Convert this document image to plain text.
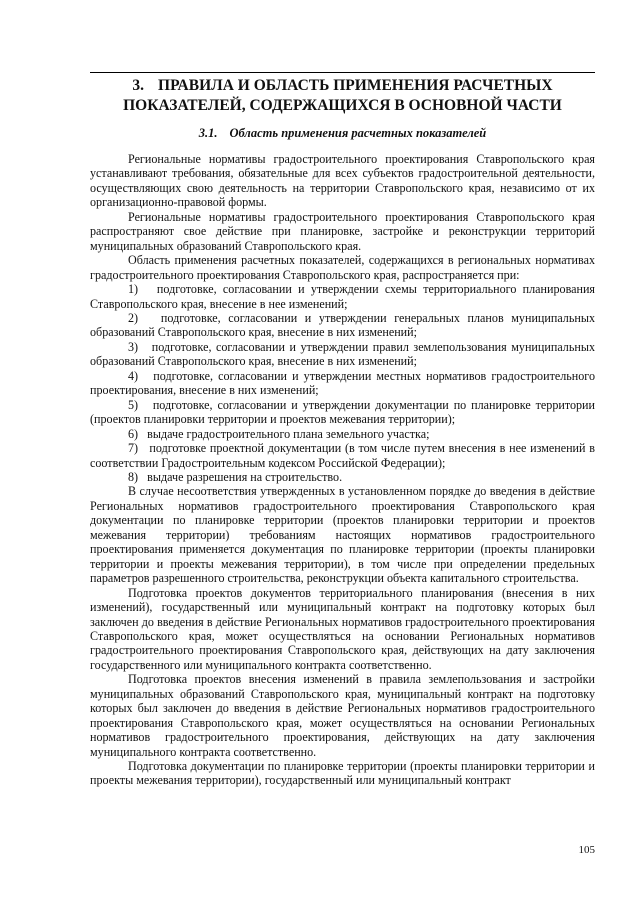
3. ПРАВИЛА И ОБЛАСТЬ ПРИМЕНЕНИЯ РАСЧЕТНЫХ
ПОКАЗАТЕЛЕЙ, СОДЕРЖАЩИХСЯ В ОСНОВНОЙ ЧАСТИ
3.1. Область применения расчетных показателей

Региональные нормативы градостроительного проектирования Ставропольского края устанавливают требования, обязательные для всех субъектов градостроительной деятельности, осуществляющих свою деятельность на территории Ставропольского края, независимо от их организационно-правовой формы.

Региональные нормативы градостроительного проектирования Ставропольского края распространяют свое действие при планировке, застройке и реконструкции территорий муниципальных образований Ставропольского края.

Область применения расчетных показателей, содержащихся в региональных нормативах градостроительного проектирования Ставропольского края, распространяется при:

1)   подготовке, согласовании и утверждении схемы территориального планирования Ставропольского края, внесение в нее изменений;

2)   подготовке, согласовании и утверждении генеральных планов муниципальных образований Ставропольского края, внесение в них изменений;

3)   подготовке, согласовании и утверждении правил землепользования муниципальных образований Ставропольского края, внесение в них изменений;

4)   подготовке, согласовании и утверждении местных нормативов градостроительного проектирования, внесение в них изменений;

5)   подготовке, согласовании и утверждении документации по планировке территории (проектов планировки территории и проектов межевания территории);

6)   выдаче градостроительного плана земельного участка;

7)   подготовке проектной документации (в том числе путем внесения в нее изменений в соответствии Градостроительным кодексом Российской Федерации);

8)   выдаче разрешения на строительство.

В случае несоответствия утвержденных в установленном порядке до введения в действие Региональных нормативов градостроительного проектирования Ставропольского края документации по планировке территории (проектов планировки территории и проектов межевания территории) требованиям настоящих нормативов градостроительного проектирования применяется документация по планировке территории (проекты планировки территории и проекты межевания территории), в том числе при определении предельных параметров разрешенного строительства, реконструкции объекта капитального строительства.

Подготовка проектов документов территориального планирования (внесения в них изменений), государственный или муниципальный контракт на подготовку которых был заключен до введения в действие Региональных нормативов градостроительного проектирования Ставропольского края, может осуществляться на основании Региональных нормативов градостроительного проектирования Ставропольского края, действующих на дату заключения государственного или муниципального контракта соответственно.

Подготовка проектов внесения изменений в правила землепользования и застройки муниципальных образований Ставропольского края, муниципальный контракт на подготовку которых был заключен до введения в действие Региональных нормативов градостроительного проектирования Ставропольского края, может осуществляться на основании Региональных нормативов градостроительного проектирования, действующих на дату заключения муниципального контракта соответственно.

Подготовка документации по планировке территории (проекты планировки территории и проекты межевания территории), государственный или муниципальный контракт

105
